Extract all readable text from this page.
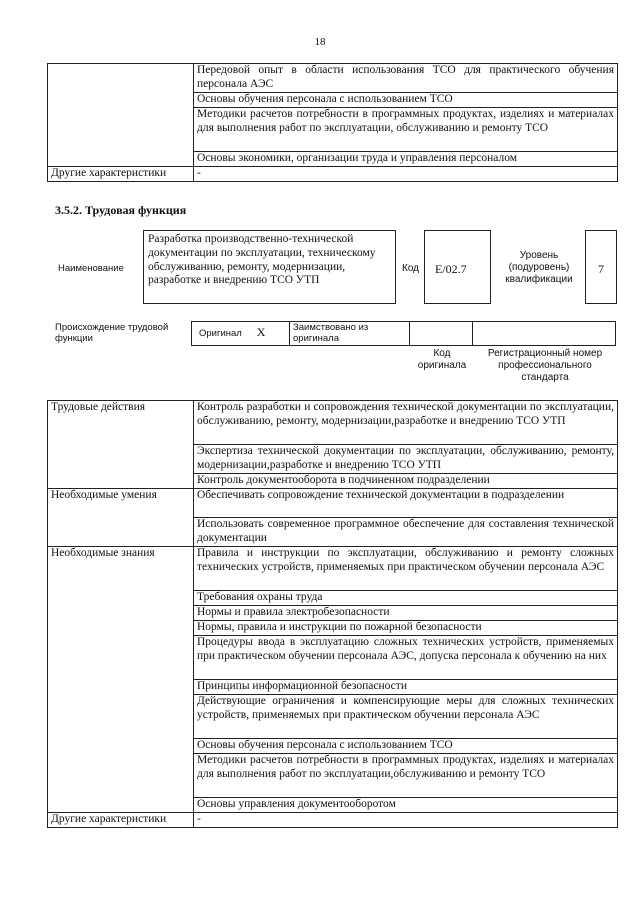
18
	Передовой опыт в области использования ТСО для практического обучения персонала АЭС
	Основы обучения персонала с использованием ТСО
	Методики расчетов потребности в программных продуктах, изделиях и материалах для выполнения работ по эксплуатации, обслуживанию и ремонту ТСО
	Основы экономики, организации труда и управления персоналом
Другие характеристики	-
3.5.2. Трудовая функция
Наименование
Разработка производственно-технической документации по эксплуатации, техническому обслуживанию, ремонту, модернизации, разработке и внедрению ТСО УТП
Код	E/02.7
Уровень (подуровень) квалификации
7
Происхождение трудовой функции	Оригинал X	Заимствовано из оригинала

Код оригинала
Регистрационный номер профессионального стандарта
Трудовые действия	Контроль разработки и сопровождения технической документации по эксплуатации, обслуживанию, ремонту, модернизации,разработке и внедрению ТСО УТП
	Экспертиза технической документации по эксплуатации, обслуживанию, ремонту, модернизации,разработке и внедрению ТСО УТП
	Контроль документооборота в подчиненном подразделении
Необходимые умения	Обеспечивать сопровождение технической документации в подразделении
	Использовать современное программное обеспечение для составления технической документации
Необходимые знания	Правила и инструкции по эксплуатации, обслуживанию и ремонту сложных технических устройств, применяемых при практическом обучении персонала АЭС
	Требования охраны труда
	Нормы и правила электробезопасности
	Нормы, правила и инструкции по пожарной безопасности
	Процедуры ввода в эксплуатацию сложных технических устройств, применяемых при практическом обучении персонала АЭС, допуска персонала к обучению на них
	Принципы информационной безопасности
	Действующие ограничения и компенсирующие меры для сложных технических устройств, применяемых при практическом обучении персонала АЭС
	Основы обучения персонала с использованием ТСО
	Методики расчетов потребности в программных продуктах, изделиях и материалах для выполнения работ по эксплуатации,обслуживанию и ремонту ТСО
	Основы управления документооборотом
Другие характеристики	-
